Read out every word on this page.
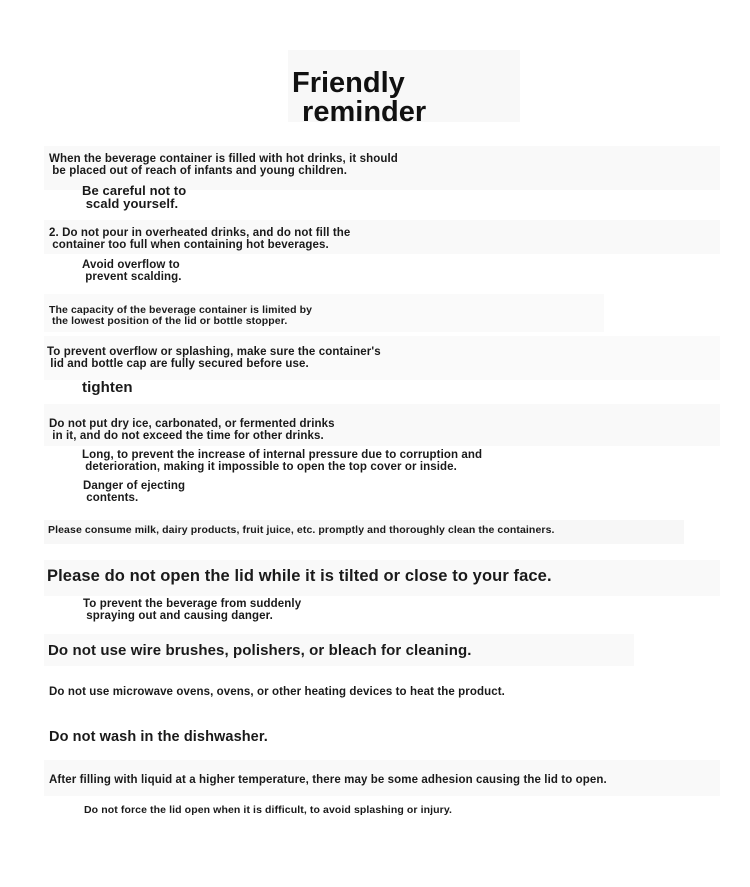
Friendly
reminder
When the beverage container is filled with hot drinks, it should
be placed out of reach of infants and young children.
Be careful not to
scald yourself.
2. Do not pour in overheated drinks, and do not fill the
container too full when containing hot beverages.
Avoid overflow to
prevent scalding.
The capacity of the beverage container is limited by
the lowest position of the lid or bottle stopper.
To prevent overflow or splashing, make sure the container's
lid and bottle cap are fully secured before use.
tighten
Do not put dry ice, carbonated, or fermented drinks
in it, and do not exceed the time for other drinks.
Long, to prevent the increase of internal pressure due to corruption and
deterioration, making it impossible to open the top cover or inside.
Danger of ejecting
contents.
Please consume milk, dairy products, fruit juice, etc. promptly and thoroughly clean the containers.
Please do not open the lid while it is tilted or close to your face.
To prevent the beverage from suddenly
spraying out and causing danger.
Do not use wire brushes, polishers, or bleach for cleaning.
Do not use microwave ovens, ovens, or other heating devices to heat the product.
Do not wash in the dishwasher.
After filling with liquid at a higher temperature, there may be some adhesion causing the lid to open.
Do not force the lid open when it is difficult, to avoid splashing or injury.
